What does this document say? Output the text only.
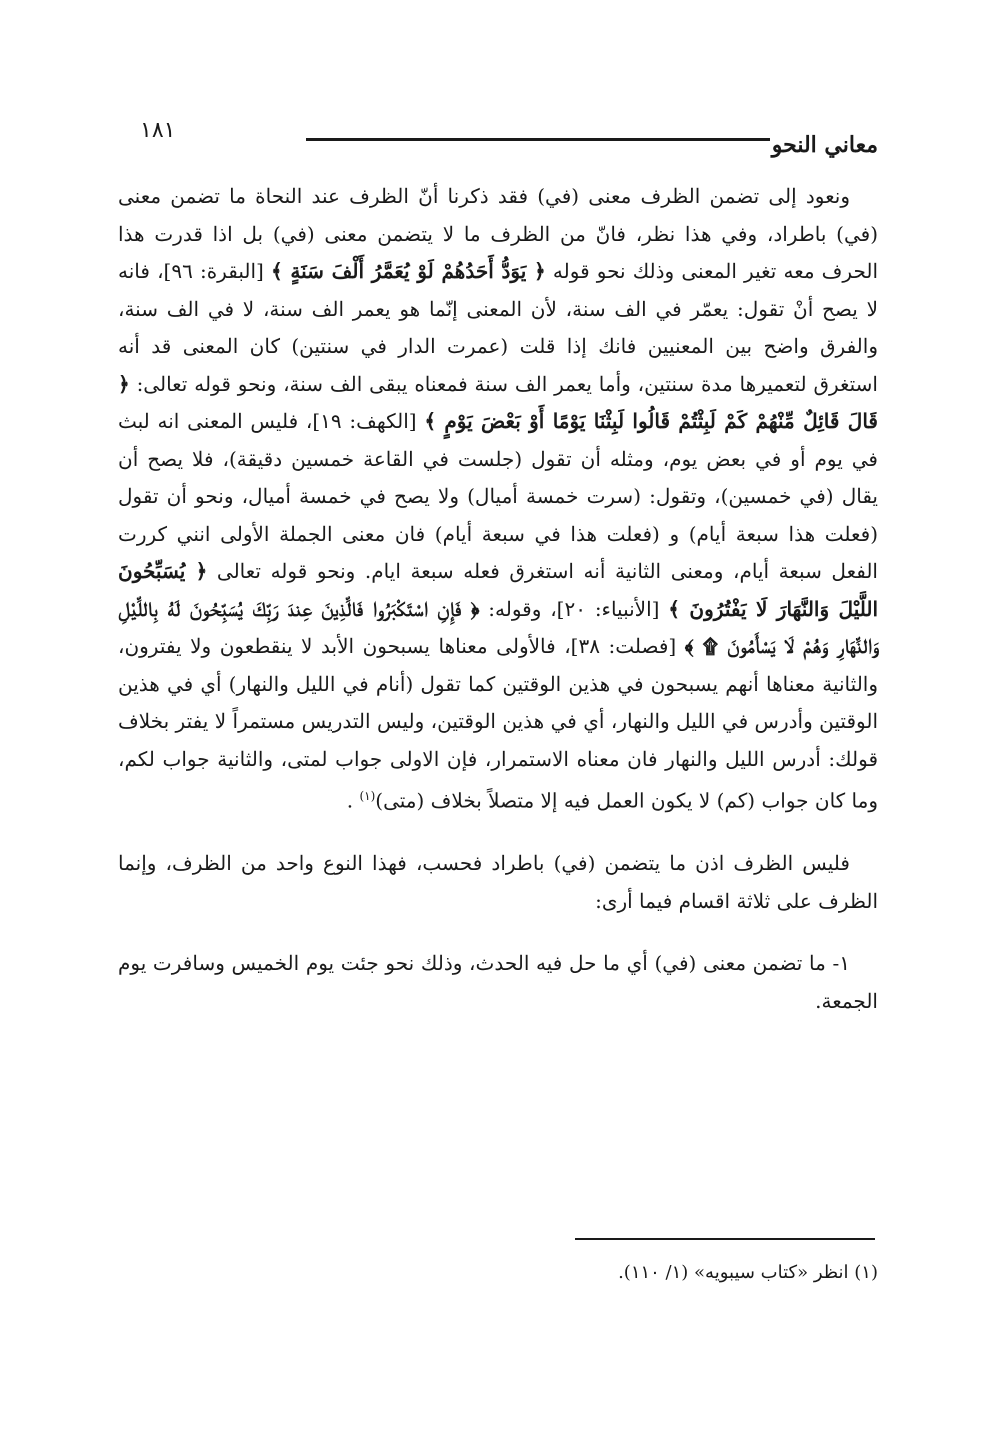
١٨١
معاني النحو

ونعود إلى تضمن الظرف معنى (في) فقد ذكرنا أنّ الظرف عند النحاة ما تضمن معنى (في) باطراد، وفي هذا نظر، فانّ من الظرف ما لا يتضمن معنى (في) بل اذا قدرت هذا الحرف معه تغير المعنى وذلك نحو قوله ﴿ يَوَدُّ أَحَدُهُمْ لَوْ يُعَمَّرُ أَلْفَ سَنَةٍ ﴾ [البقرة: ٩٦]، فانه لا يصح أنْ تقول: يعمّر في الف سنة، لأن المعنى إنّما هو يعمر الف سنة، لا في الف سنة، والفرق واضح بين المعنيين فانك إذا قلت (عمرت الدار في سنتين) كان المعنى قد أنه استغرق لتعميرها مدة سنتين، وأما يعمر الف سنة فمعناه يبقى الف سنة، ونحو قوله تعالى: ﴿ قَالَ قَائِلٌ مِّنْهُمْ كَمْ لَبِثْتُمْ قَالُوا لَبِثْنَا يَوْمًا أَوْ بَعْضَ يَوْمٍ ﴾ [الكهف: ١٩]، فليس المعنى انه لبث في يوم أو في بعض يوم، ومثله أن تقول (جلست في القاعة خمسين دقيقة)، فلا يصح أن يقال (في خمسين)، وتقول: (سرت خمسة أميال) ولا يصح في خمسة أميال، ونحو أن تقول (فعلت هذا سبعة أيام) و (فعلت هذا في سبعة أيام) فان معنى الجملة الأولى انني كررت الفعل سبعة أيام، ومعنى الثانية أنه استغرق فعله سبعة ايام. ونحو قوله تعالى ﴿ يُسَبِّحُونَ اللَّيْلَ وَالنَّهَارَ لَا يَفْتُرُونَ ﴾ [الأنبياء: ٢٠]، وقوله: ﴿ فَإِنِ اسْتَكْبَرُوا فَالَّذِينَ عِندَ رَبِّكَ يُسَبِّحُونَ لَهُ بِاللَّيْلِ وَالنَّهَارِ وَهُمْ لَا يَسْأَمُونَ ۩ ﴾ [فصلت: ٣٨]، فالأولى معناها يسبحون الأبد لا ينقطعون ولا يفترون، والثانية معناها أنهم يسبحون في هذين الوقتين كما تقول (أنام في الليل والنهار) أي في هذين الوقتين وأدرس في الليل والنهار، أي في هذين الوقتين، وليس التدريس مستمراً لا يفتر بخلاف قولك: أدرس الليل والنهار فان معناه الاستمرار، فإن الاولى جواب لمتى، والثانية جواب لكم، وما كان جواب (كم) لا يكون العمل فيه إلا متصلاً بخلاف (متى)$^{(١)}$ .

فليس الظرف اذن ما يتضمن (في) باطراد فحسب، فهذا النوع واحد من الظرف، وإنما الظرف على ثلاثة اقسام فيما أرى:

١- ما تضمن معنى (في) أي ما حل فيه الحدث، وذلك نحو جئت يوم الخميس وسافرت يوم الجمعة.

(١) انظر «كتاب سيبويه» (١/ ١١٠).
